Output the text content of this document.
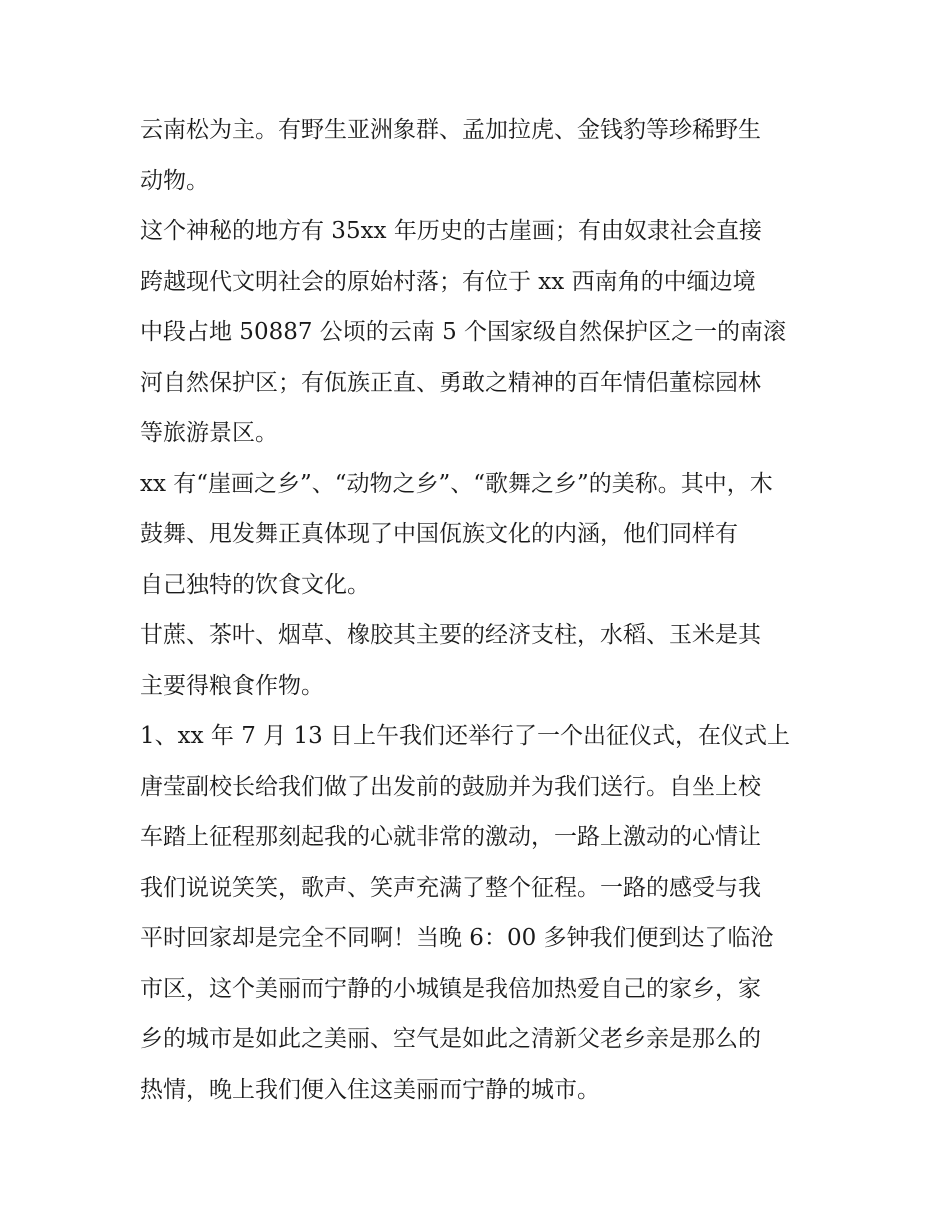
云南松为主。有野生亚洲象群、孟加拉虎、金钱豹等珍稀野生
动物。

这个神秘的地方有 35xx 年历史的古崖画；有由奴隶社会直接
跨越现代文明社会的原始村落；有位于 xx 西南角的中缅边境
中段占地 50887 公顷的云南 5 个国家级自然保护区之一的南滚
河自然保护区；有佤族正直、勇敢之精神的百年情侣董棕园林
等旅游景区。

xx 有“崖画之乡”、“动物之乡”、“歌舞之乡”的美称。其中，木
鼓舞、甩发舞正真体现了中国佤族文化的内涵，他们同样有
自己独特的饮食文化。

甘蔗、茶叶、烟草、橡胶其主要的经济支柱，水稻、玉米是其
主要得粮食作物。

1、xx 年 7 月 13 日上午我们还举行了一个出征仪式，在仪式上
唐莹副校长给我们做了出发前的鼓励并为我们送行。自坐上校
车踏上征程那刻起我的心就非常的激动，一路上激动的心情让
我们说说笑笑，歌声、笑声充满了整个征程。一路的感受与我
平时回家却是完全不同啊！当晚 6：00 多钟我们便到达了临沧
市区，这个美丽而宁静的小城镇是我倍加热爱自己的家乡，家
乡的城市是如此之美丽、空气是如此之清新父老乡亲是那么的
热情，晚上我们便入住这美丽而宁静的城市。
